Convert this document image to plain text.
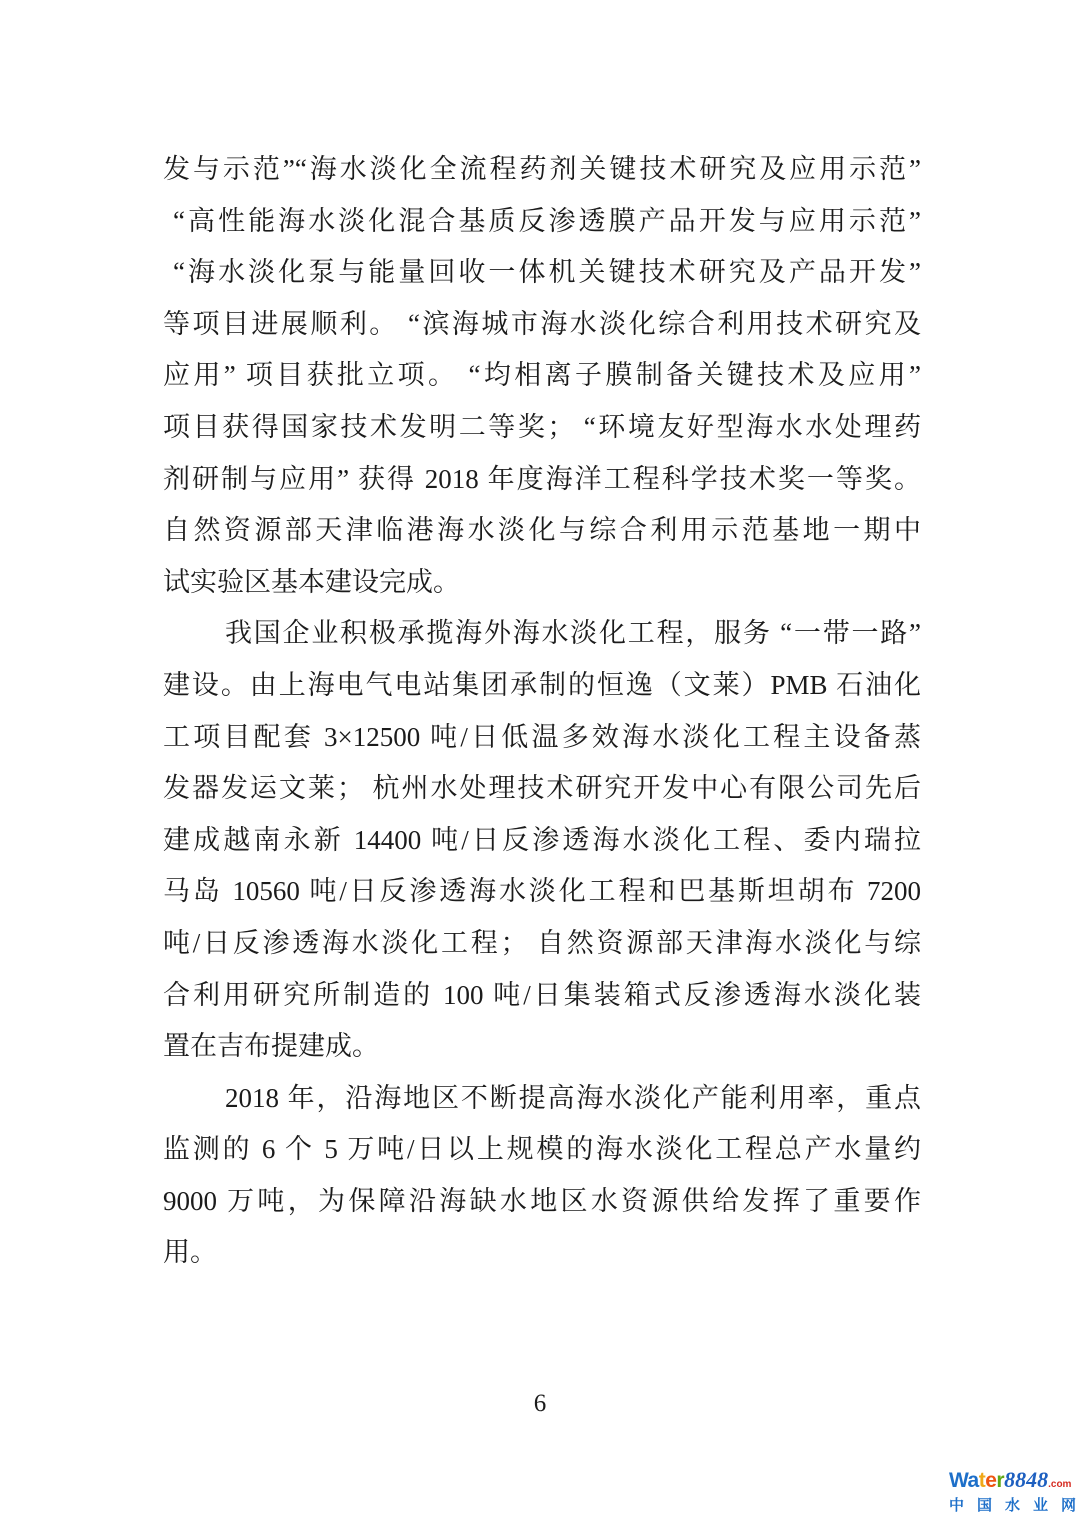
发与示范”“海水淡化全流程药剂关键技术研究及应用示范”
“高性能海水淡化混合基质反渗透膜产品开发与应用示范”
“海水淡化泵与能量回收一体机关键技术研究及产品开发”
等项目进展顺利。 “滨海城市海水淡化综合利用技术研究及
应用” 项目获批立项。 “均相离子膜制备关键技术及应用”
项目获得国家技术发明二等奖； “环境友好型海水水处理药
剂研制与应用” 获得 2018 年度海洋工程科学技术奖一等奖。
自然资源部天津临港海水淡化与综合利用示范基地一期中
试实验区基本建设完成。
我国企业积极承揽海外海水淡化工程，服务 “一带一路”
建设。由上海电气电站集团承制的恒逸（文莱）PMB 石油化
工项目配套 3×12500 吨/日低温多效海水淡化工程主设备蒸
发器发运文莱； 杭州水处理技术研究开发中心有限公司先后
建成越南永新 14400 吨/日反渗透海水淡化工程、委内瑞拉
马岛 10560 吨/日反渗透海水淡化工程和巴基斯坦胡布 7200
吨/日反渗透海水淡化工程； 自然资源部天津海水淡化与综
合利用研究所制造的 100 吨/日集装箱式反渗透海水淡化装
置在吉布提建成。
2018 年，沿海地区不断提高海水淡化产能利用率，重点
监测的 6 个 5 万吨/日以上规模的海水淡化工程总产水量约
9000 万吨，为保障沿海缺水地区水资源供给发挥了重要作
用。
6
Water8848.com
中国水业网
